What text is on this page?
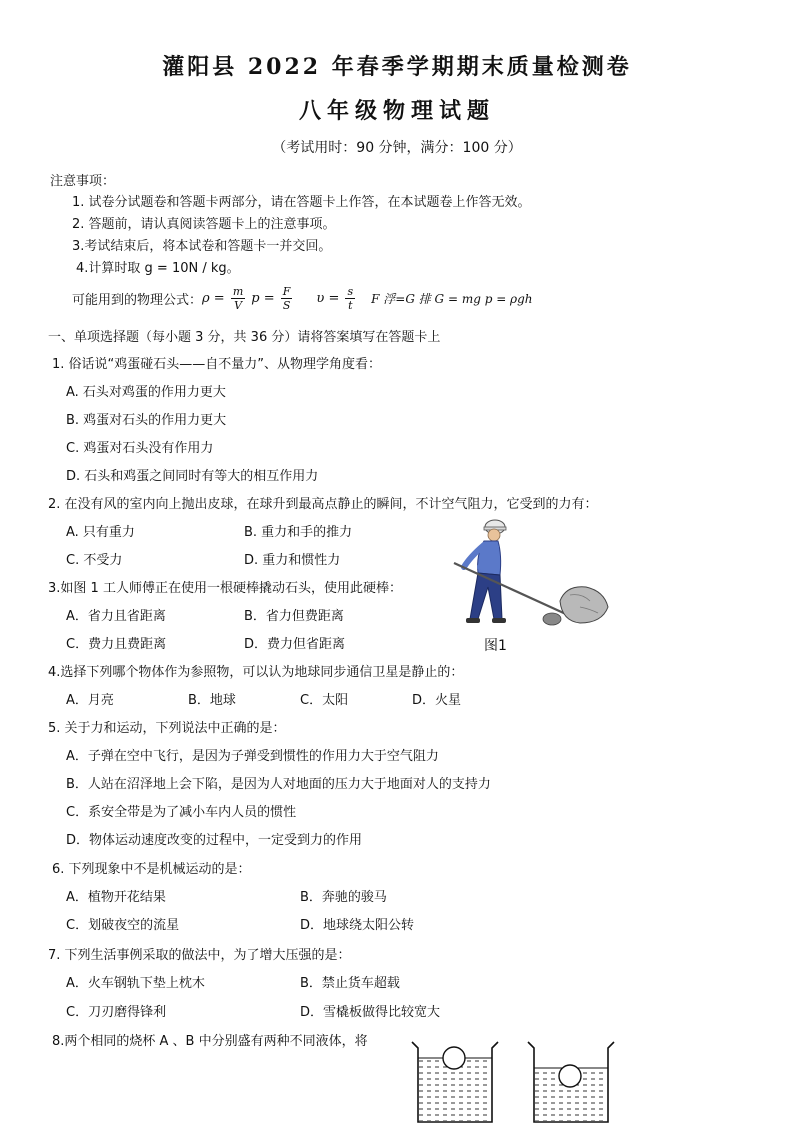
灌阳县 2022 年春季学期期末质量检测卷
八年级物理试题
（考试用时：90 分钟，满分：100 分）
注意事项：
1. 试卷分试题卷和答题卡两部分，请在答题卡上作答，在本试题卷上作答无效。
2. 答题前，请认真阅读答题卡上的注意事项。
3.考试结束后，将本试卷和答题卡一并交回。
4.计算时取 g = 10N / kg。
可能用到的物理公式： $\rho = \frac{m}{V}$ $p = \frac{F}{S}$ $\upsilon = \frac{s}{t}$ F 浮=G 排 G = mg p = ρgh
一、单项选择题（每小题 3 分，共 36 分）请将答案填写在答题卡上
1. 俗话说“鸡蛋碰石头——自不量力”、从物理学角度看：
A. 石头对鸡蛋的作用力更大
B. 鸡蛋对石头的作用力更大
C. 鸡蛋对石头没有作用力
D. 石头和鸡蛋之间同时有等大的相互作用力
2. 在没有风的室内向上抛出皮球，在球升到最高点静止的瞬间，不计空气阻力，它受到的力有：
A. 只有重力	B. 重力和手的推力
C. 不受力	D. 重力和惯性力
3.如图 1 工人师傅正在使用一根硬棒撬动石头，使用此硬棒：
A．省力且省距离	B．省力但费距离
C．费力且费距离	D．费力但省距离	图1
4.选择下列哪个物体作为参照物，可以认为地球同步通信卫星是静止的：
A．月亮	B．地球	C．太阳	D．火星
5. 关于力和运动，下列说法中正确的是：
A．子弹在空中飞行，是因为子弹受到惯性的作用力大于空气阻力
B．人站在沼泽地上会下陷，是因为人对地面的压力大于地面对人的支持力
C．系安全带是为了减小车内人员的惯性
D．物体运动速度改变的过程中，一定受到力的作用
6. 下列现象中不是机械运动的是：
A．植物开花结果	B．奔驰的骏马
C．划破夜空的流星	D．地球绕太阳公转
7. 下列生活事例采取的做法中，为了增大压强的是：
A．火车钢轨下垫上枕木	B．禁止货车超载
C．刀刃磨得锋利	D．雪橇板做得比较宽大
8.两个相同的烧杯 A 、B 中分别盛有两种不同液体，将
